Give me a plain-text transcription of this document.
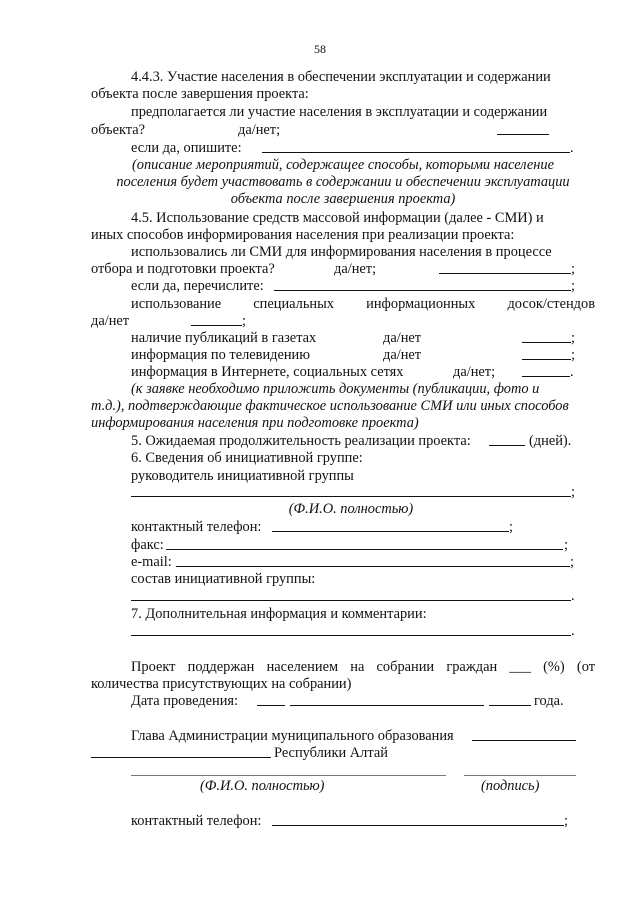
58
4.4.3. Участие населения в обеспечении эксплуатации и содержании
объекта после завершения проекта:
предполагается ли участие населения в эксплуатации и содержании
объекта?	да/нет;
если да, опишите:	.
(описание мероприятий, содержащее способы, которыми население
поселения будет участвовать в содержании и обеспечении эксплуатации
объекта после завершения проекта)
4.5. Использование средств массовой информации (далее - СМИ) и
иных способов информирования населения при реализации проекта:
использовались ли СМИ для информирования населения в процессе
отбора и подготовки проекта?	да/нет;	;
если да, перечислите:	;
использование специальных информационных досок/стендов
да/нет	;
наличие публикаций в газетах	да/нет	;
информация по телевидению	да/нет	;
информация в Интернете, социальных сетях	да/нет;	.
(к заявке необходимо приложить документы (публикации, фото и
т.д.), подтверждающие фактическое использование СМИ или иных способов
информирования населения при подготовке проекта)
5. Ожидаемая продолжительность реализации проекта:	(дней).
6. Сведения об инициативной группе:
руководитель инициативной группы
;
(Ф.И.О. полностью)
контактный телефон:	;
факс:	;
e-mail:	;
состав инициативной группы:
.
7. Дополнительная информация и комментарии:
.
Проект поддержан населением на собрании граждан ___ (%) (от
количества присутствующих на собрании)
Дата проведения:	года.
Глава Администрации муниципального образования
Республики Алтай
(Ф.И.О. полностью)	(подпись)
контактный телефон:	;
